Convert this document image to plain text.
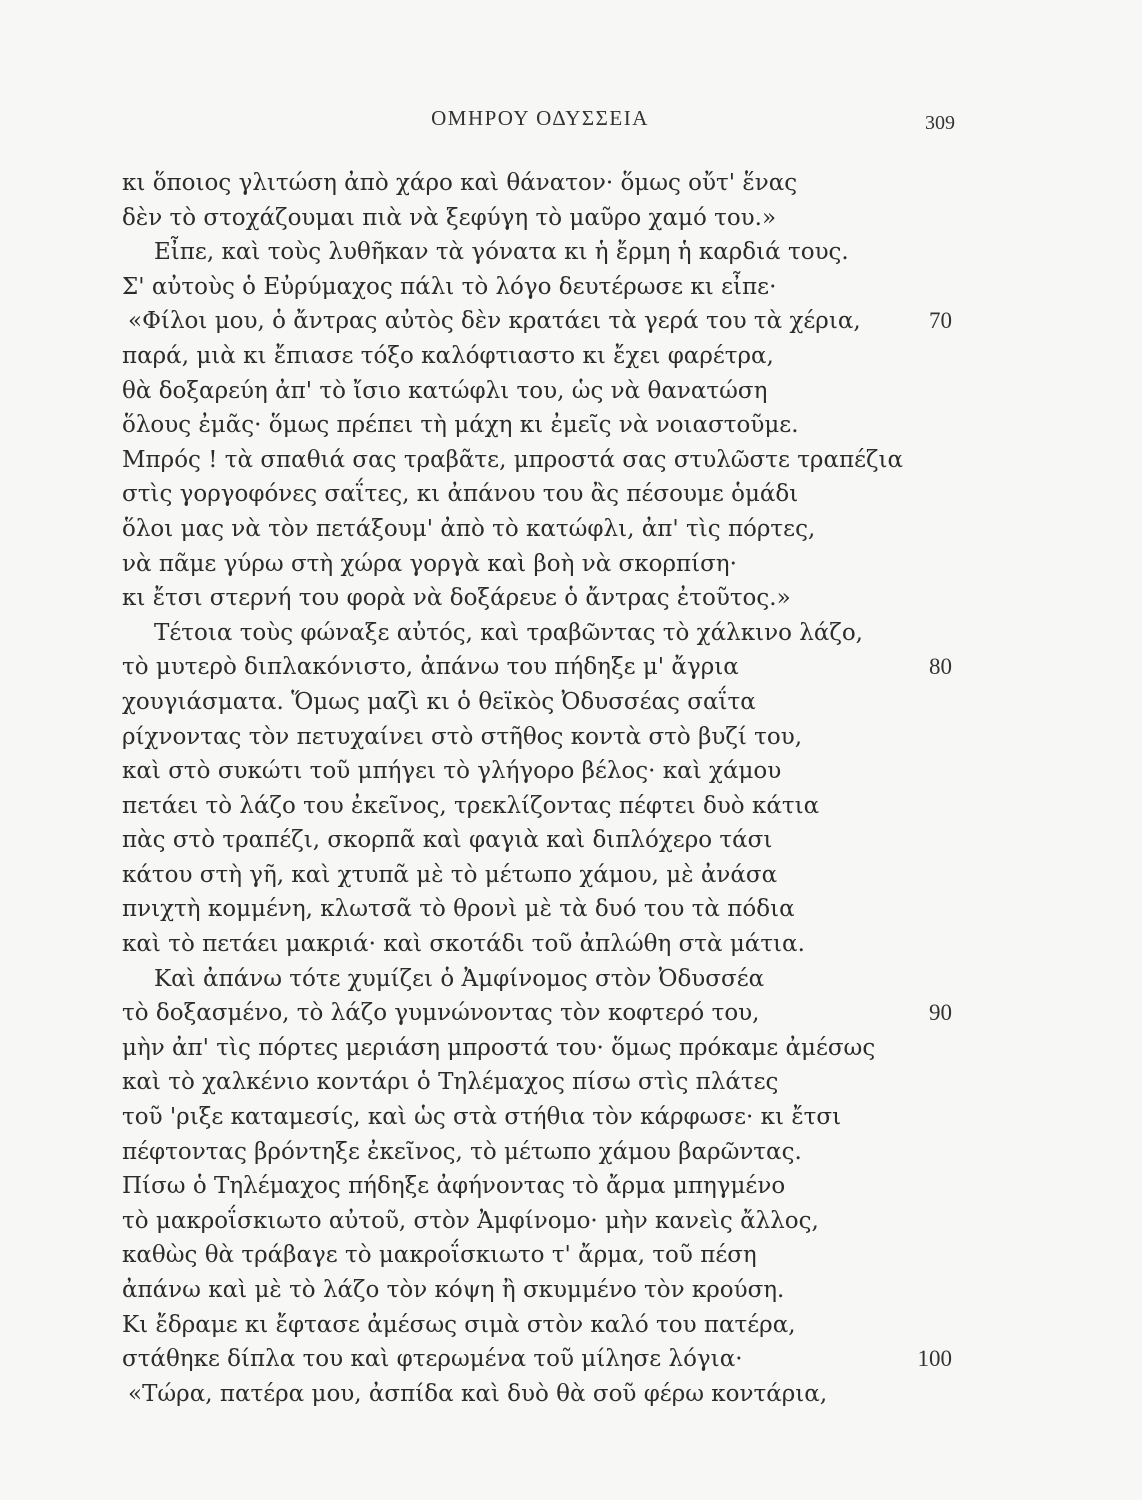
ΟΜΗΡΟΥ ΟΔΥΣΣΕΙΑ	309
κι ὅποιος γλιτώση ἀπὸ χάρο καὶ θάνατον· ὅμως οὔτ' ἕνας
δὲν τὸ στοχάζουμαι πιὰ νὰ ξεφύγη τὸ μαῦρο χαμό του.»
Εἶπε, καὶ τοὺς λυθῆκαν τὰ γόνατα κι ἡ ἔρμη ἡ καρδιά τους.
Σ' αὐτοὺς ὁ Εὐρύμαχος πάλι τὸ λόγο δευτέρωσε κι εἶπε·
«Φίλοι μου, ὁ ἄντρας αὐτὸς δὲν κρατάει τὰ γερά του τὰ χέρια,	70
παρά, μιὰ κι ἔπιασε τόξο καλόφτιαστο κι ἔχει φαρέτρα,
θὰ δοξαρεύη ἀπ' τὸ ἴσιο κατώφλι του, ὡς νὰ θανατώση
ὅλους ἐμᾶς· ὅμως πρέπει τὴ μάχη κι ἐμεῖς νὰ νοιαστοῦμε.
Μπρός ! τὰ σπαθιά σας τραβᾶτε, μπροστά σας στυλῶστε τραπέζια
στὶς γοργοφόνες σαΐτες, κι ἀπάνου του ἂς πέσουμε ὁμάδι
ὅλοι μας νὰ τὸν πετάξουμ' ἀπὸ τὸ κατώφλι, ἀπ' τὶς πόρτες,
νὰ πᾶμε γύρω στὴ χώρα γοργὰ καὶ βοὴ νὰ σκορπίση·
κι ἔτσι στερνή του φορὰ νὰ δοξάρευε ὁ ἄντρας ἐτοῦτος.»
Τέτοια τοὺς φώναξε αὐτός, καὶ τραβῶντας τὸ χάλκινο λάζο,
τὸ μυτερὸ διπλακόνιστο, ἀπάνω του πήδηξε μ' ἄγρια	80
χουγιάσματα. Ὅμως μαζὶ κι ὁ θεϊκὸς Ὀδυσσέας σαΐτα
ρίχνοντας τὸν πετυχαίνει στὸ στῆθος κοντὰ στὸ βυζί του,
καὶ στὸ συκώτι τοῦ μπήγει τὸ γλήγορο βέλος· καὶ χάμου
πετάει τὸ λάζο του ἐκεῖνος, τρεκλίζοντας πέφτει δυὸ κάτια
πὰς στὸ τραπέζι, σκορπᾶ καὶ φαγιὰ καὶ διπλόχερο τάσι
κάτου στὴ γῆ, καὶ χτυπᾶ μὲ τὸ μέτωπο χάμου, μὲ ἀνάσα
πνιχτὴ κομμένη, κλωτσᾶ τὸ θρονὶ μὲ τὰ δυό του τὰ πόδια
καὶ τὸ πετάει μακριά· καὶ σκοτάδι τοῦ ἀπλώθη στὰ μάτια.
Καὶ ἀπάνω τότε χυμίζει ὁ Ἀμφίνομος στὸν Ὀδυσσέα
τὸ δοξασμένο, τὸ λάζο γυμνώνοντας τὸν κοφτερό του,	90
μὴν ἀπ' τὶς πόρτες μεριάση μπροστά του· ὅμως πρόκαμε ἀμέσως
καὶ τὸ χαλκένιο κοντάρι ὁ Τηλέμαχος πίσω στὶς πλάτες
τοῦ 'ριξε καταμεσίς, καὶ ὡς στὰ στήθια τὸν κάρφωσε· κι ἔτσι
πέφτοντας βρόντηξε ἐκεῖνος, τὸ μέτωπο χάμου βαρῶντας.
Πίσω ὁ Τηλέμαχος πήδηξε ἀφήνοντας τὸ ἄρμα μπηγμένο
τὸ μακροΐσκιωτο αὐτοῦ, στὸν Ἀμφίνομο· μὴν κανεὶς ἄλλος,
καθὼς θὰ τράβαγε τὸ μακροΐσκιωτο τ' ἄρμα, τοῦ πέση
ἀπάνω καὶ μὲ τὸ λάζο τὸν κόψη ἢ σκυμμένο τὸν κρούση.
Κι ἔδραμε κι ἔφτασε ἀμέσως σιμὰ στὸν καλό του πατέρα,
στάθηκε δίπλα του καὶ φτερωμένα τοῦ μίλησε λόγια·	100
«Τώρα, πατέρα μου, ἀσπίδα καὶ δυὸ θὰ σοῦ φέρω κοντάρια,
